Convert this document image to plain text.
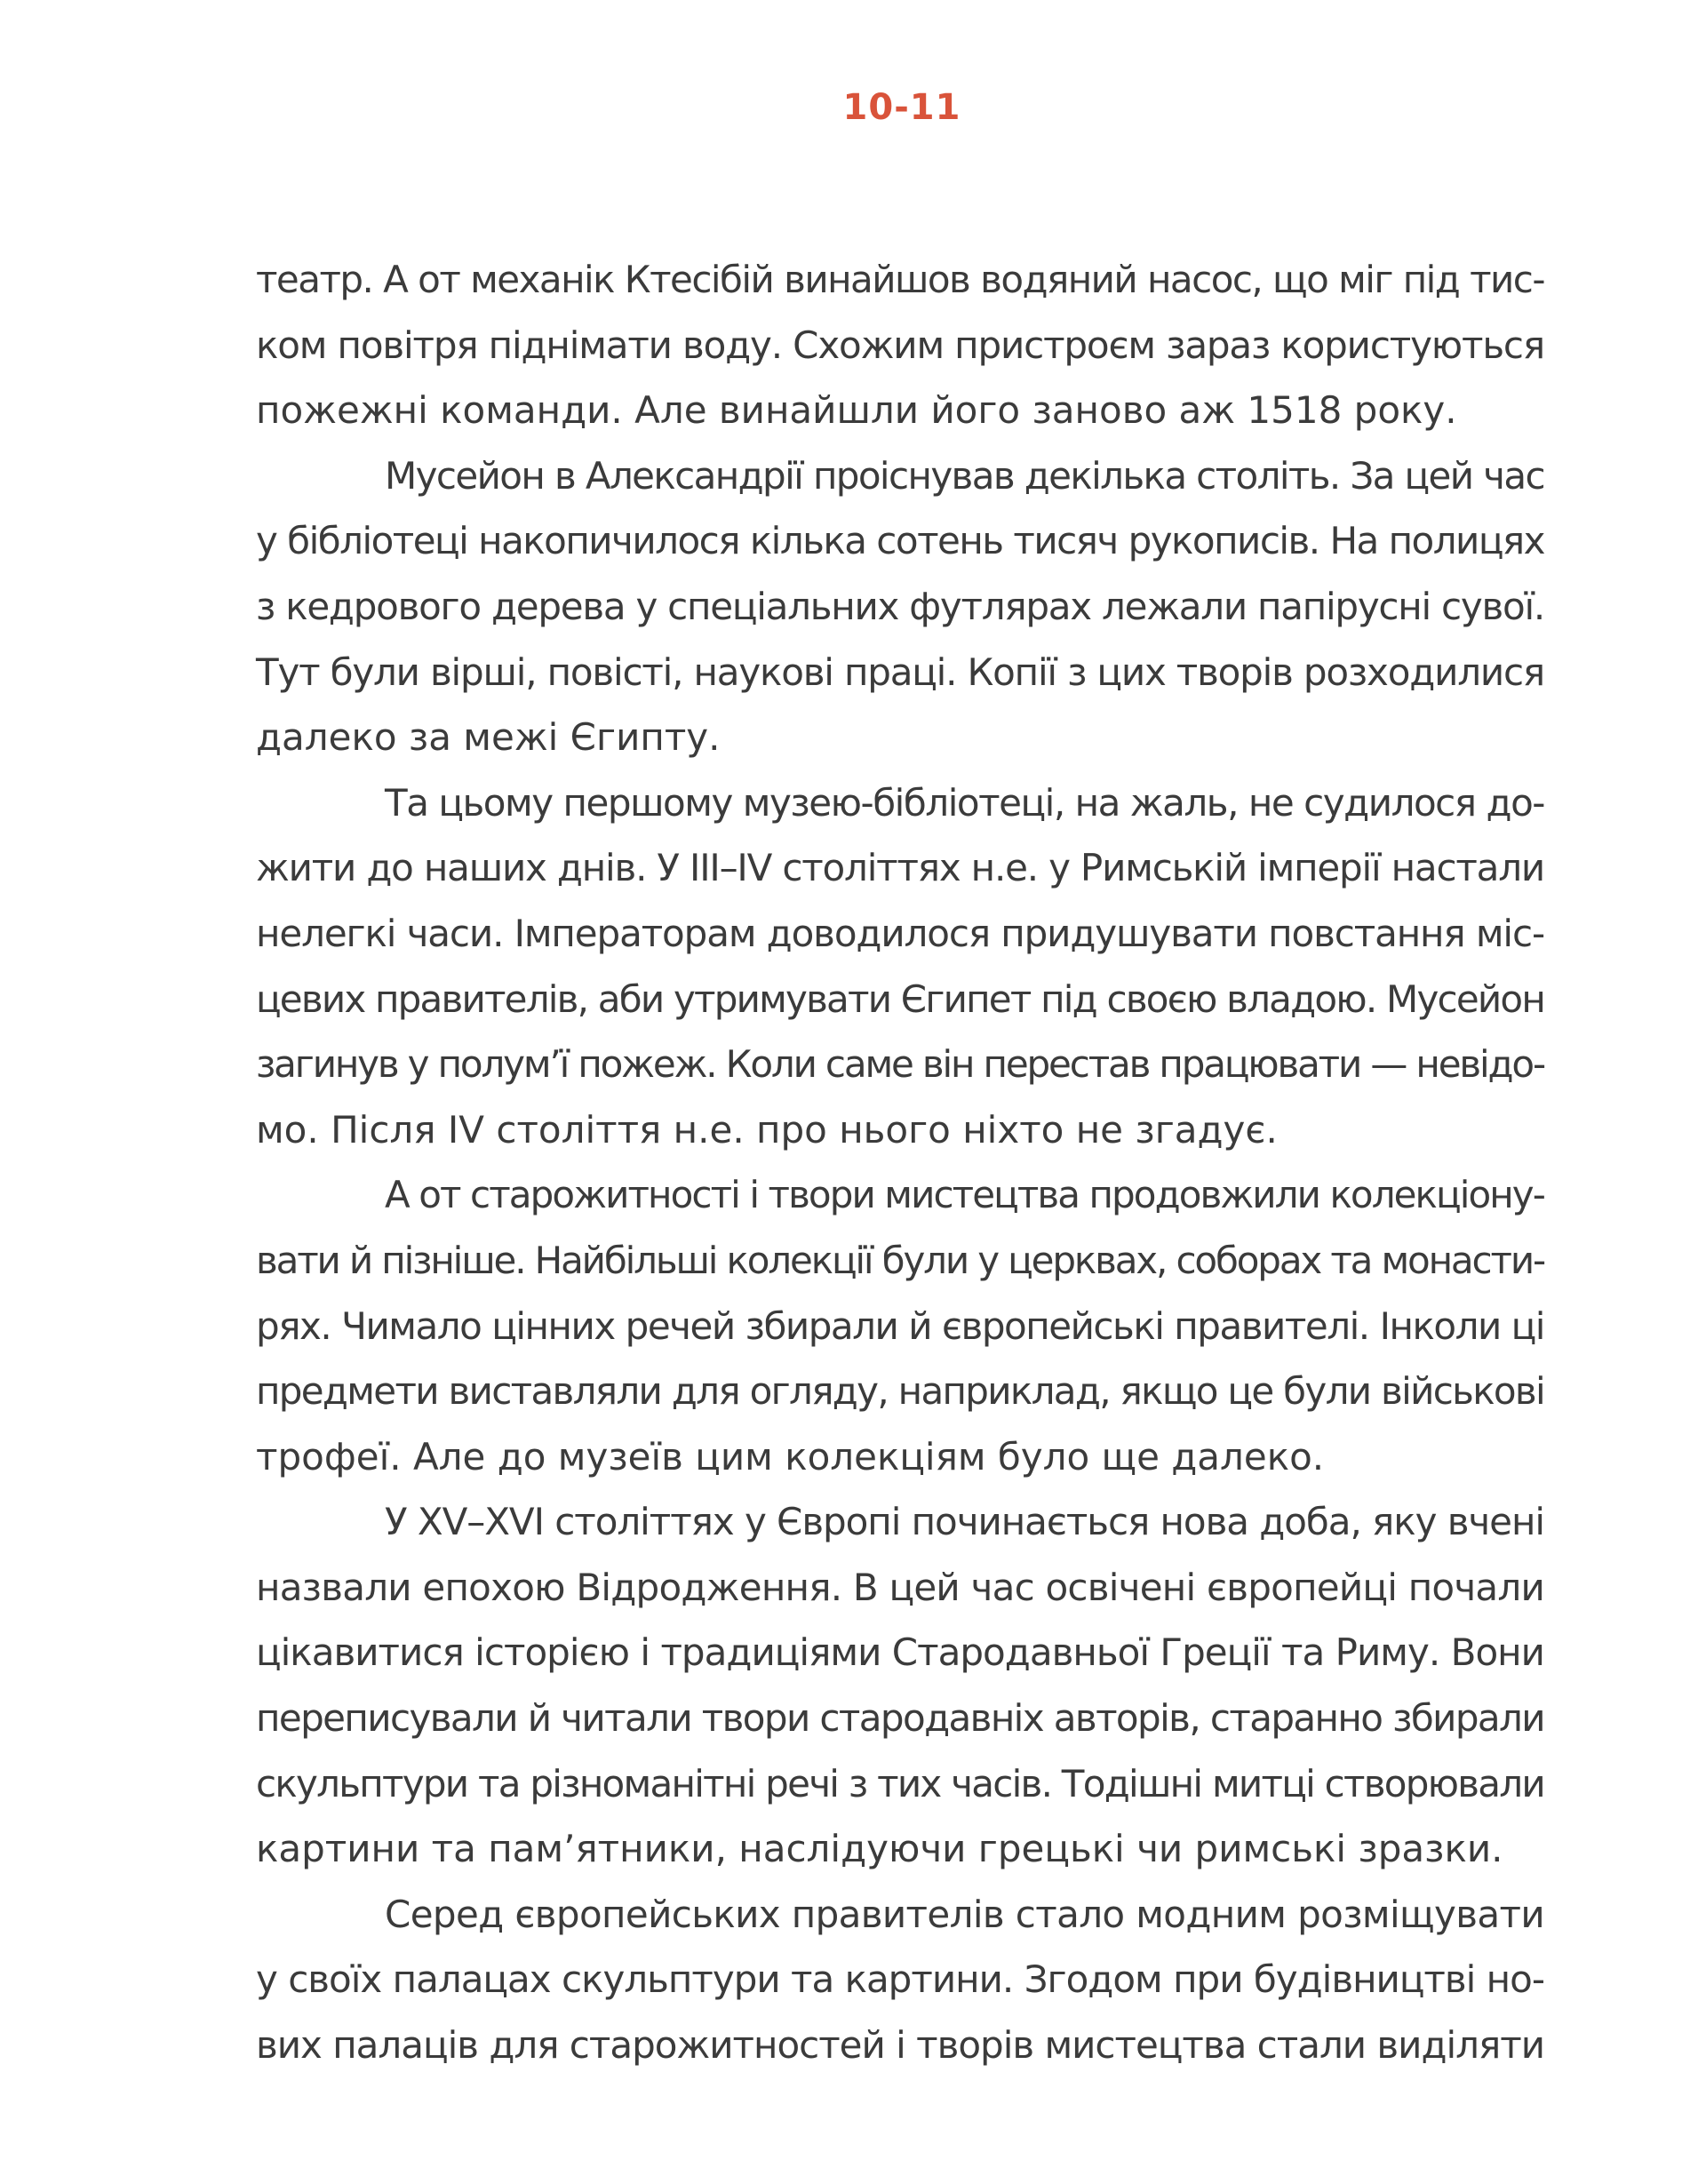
10-11
театр. А от механік Ктесібій винайшов водяний насос, що міг під тис-
ком повітря піднімати воду. Схожим пристроєм зараз користуються
пожежні команди. Але винайшли його заново аж 1518 року.
Мусейон в Александрії проіснував декілька століть. За цей час
у бібліотеці накопичилося кілька сотень тисяч рукописів. На полицях
з кедрового дерева у спеціальних футлярах лежали папірусні сувої.
Тут були вірші, повісті, наукові праці. Копії з цих творів розходилися
далеко за межі Єгипту.
Та цьому першому музею-бібліотеці, на жаль, не судилося до-
жити до наших днів. У ІІІ–ІV століттях н.е. у Римській імперії настали
нелегкі часи. Імператорам доводилося придушувати повстання міс-
цевих правителів, аби утримувати Єгипет під своєю владою. Мусейон
загинув у полум’ї пожеж. Коли саме він перестав працювати — невідо-
мо. Після ІV століття н.е. про нього ніхто не згадує.
А от старожитності і твори мистецтва продовжили колекціону-
вати й пізніше. Найбільші колекції були у церквах, соборах та монасти-
рях. Чимало цінних речей збирали й європейські правителі. Інколи ці
предмети виставляли для огляду, наприклад, якщо це були військові
трофеї. Але до музеїв цим колекціям було ще далеко.
У XV–XVI століттях у Європі починається нова доба, яку вчені
назвали епохою Відродження. В цей час освічені європейці почали
цікавитися історією і традиціями Стародавньої Греції та Риму. Вони
переписували й читали твори стародавніх авторів, старанно збирали
скульптури та різноманітні речі з тих часів. Тодішні митці створювали
картини та пам’ятники, наслідуючи грецькі чи римські зразки.
Серед європейських правителів стало модним розміщувати
у своїх палацах скульптури та картини. Згодом при будівництві но-
вих палаців для старожитностей і творів мистецтва стали виділяти
